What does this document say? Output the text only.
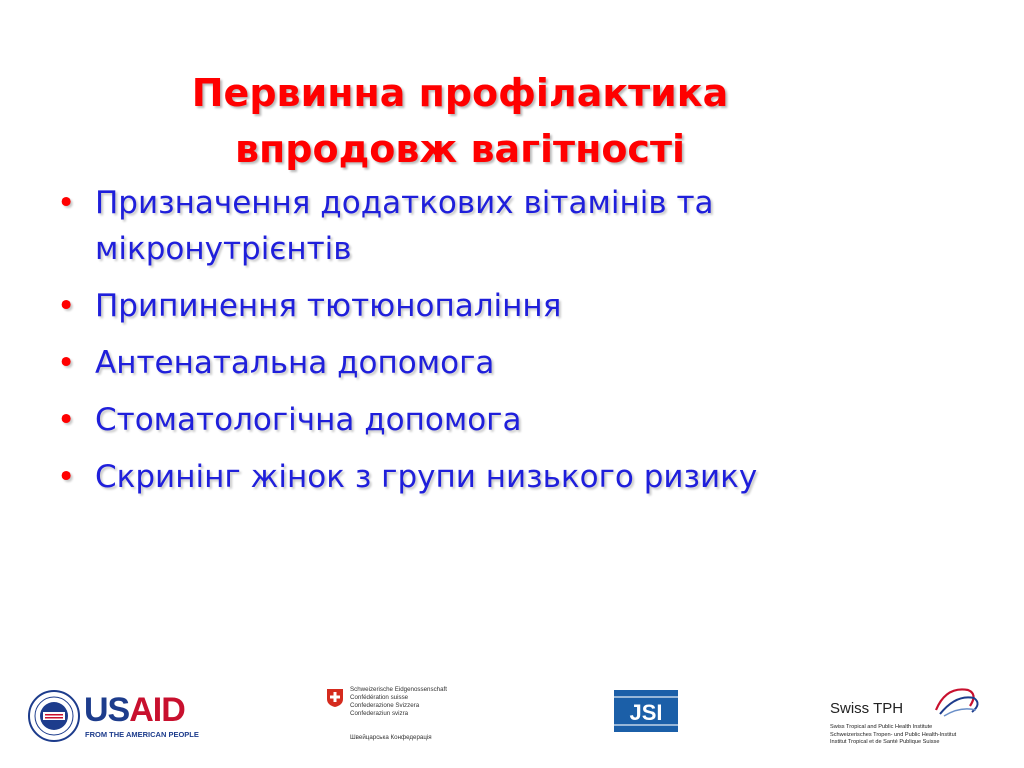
Первинна профілактика
впродовж вагітності
• Призначення додаткових вітамінів та мікронутрієнтів
• Припинення тютюнопаління
• Антенатальна допомога
• Стоматологічна допомога
• Скринінг жінок з групи низького ризику
USAID
FROM THE AMERICAN PEOPLE
Schweizerische Eidgenossenschaft
Confédération suisse
Confederazione Svizzera
Confederaziun svizra
Швейцарська Конфедерація
JSI	Swiss TPH
Swiss Tropical and Public Health Institute
Schweizerisches Tropen- und Public Health-Institut
Institut Tropical et de Santé Publique Suisse
